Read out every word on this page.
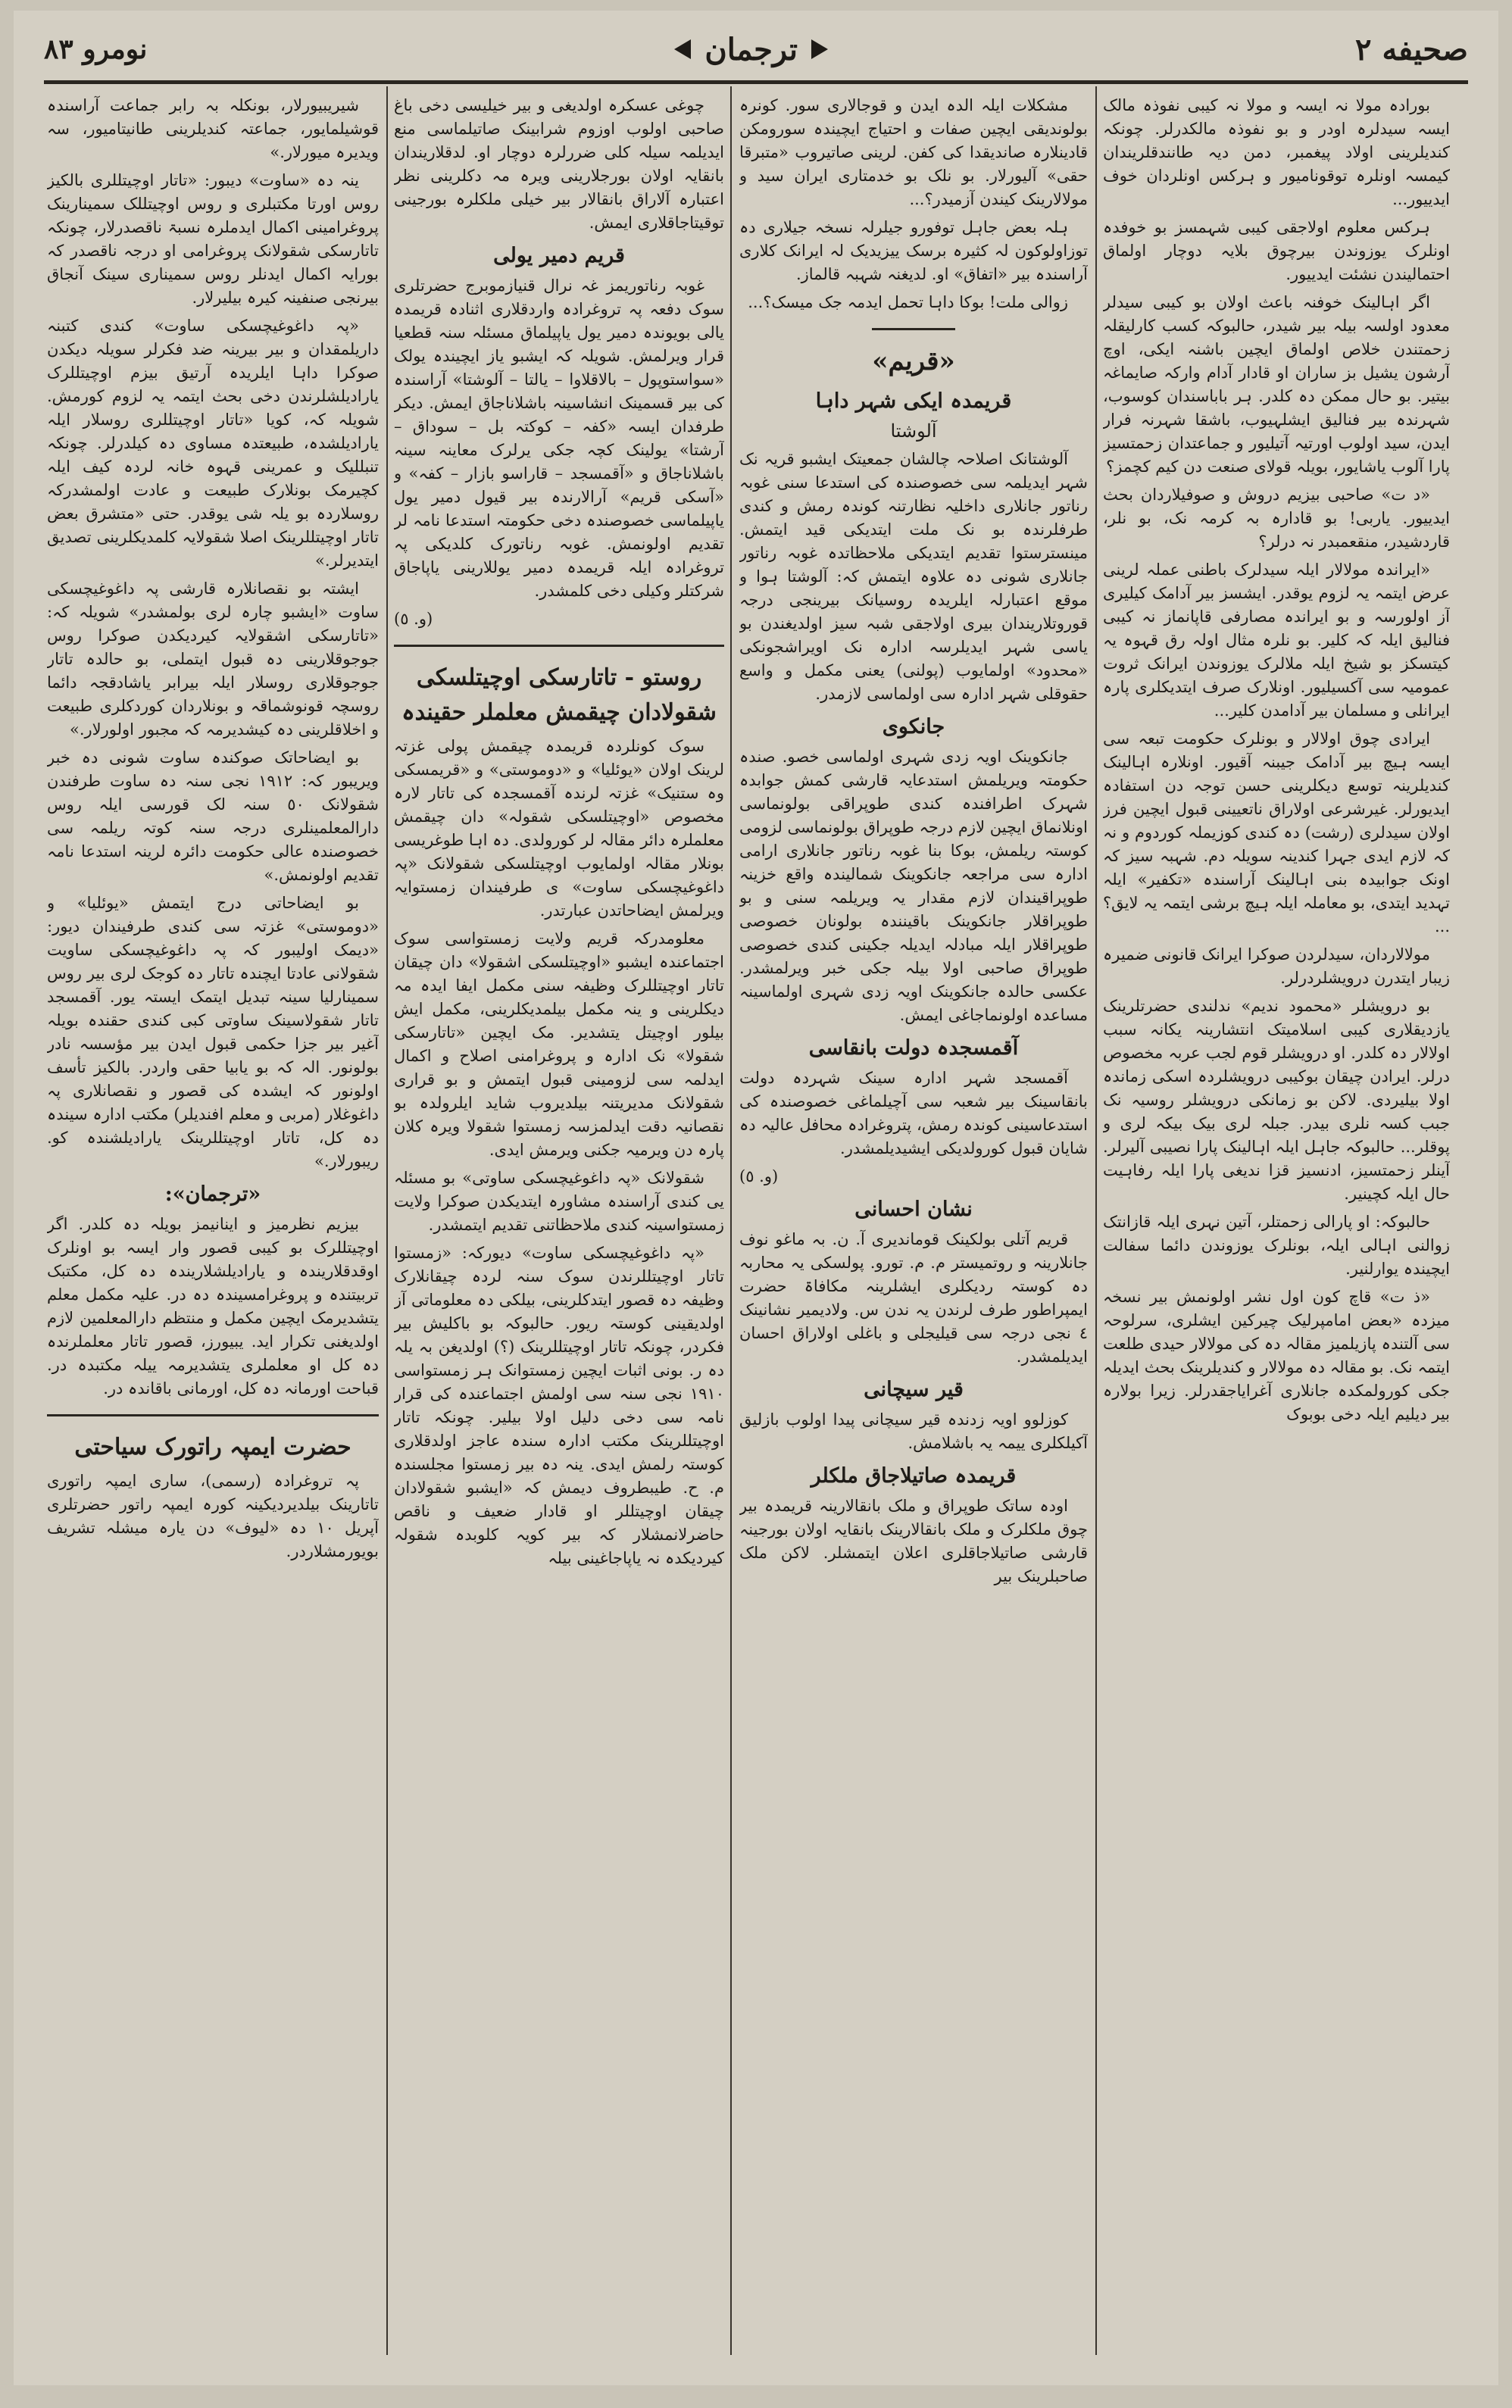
صحیفه ۲
ترجمان
نومرو ۸۳

بورادہ مولا نہ ایسہ و مولا نہ کیبی نفوذہ مالک ایسہ سیدلرہ اودر و بو نفوذہ مالکدرلر. چونکہ کندیلرینی اولاد پیغمبر، دمن دیہ طانندقلریندان کیمسہ اونلرہ توقونامیور و ہرکس اونلردان خوف ایدییور...

ہرکس معلوم اولاجقی کیبی شہمسز بو خوفدہ اونلرک یوزوندن بیرچوق بلایہ دوچار اولماق احتمالیندن نشئت ایدییور.

اگر اہالینک خوفنہ باعث اولان بو کیبی سیدلر معدود اولسہ بیلہ بیر شیدر، حالبوکہ کسب کارلیقلہ زحمتندن خلاص اولماق ایچین باشنہ ایکی، اوچ آرشون یشیل بز ساران او قادار آدام وارکہ صایماغہ بیتیر. بو حال ممکن دہ کلدر. ہر باباسندان کوسوب، شہرندہ بیر فنالیق ایشلہیوب، باشقا شہرنہ فرار ایدن، سید اولوب اورتیہ آتیلیور و جماعتدان زحمتسیز پارا آلوب یاشایور، بویلہ قولای صنعت دن کیم کچمز؟

«د ت» صاحبی بیزیم دروش و صوفیلاردان بحث ایدییور. یاربی! بو قادارہ بہ کرمہ نک، بو نلر، قاردشیدر، منقعمبدر نہ درلر؟

«ایراندہ مولالار ایلہ سیدلرک باطنی عملہ لرینی عرض ایتمہ یہ لزوم یوقدر. ایشسز بیر آدامک کیلیری آز اولورسہ و بو ایراندہ مصارفی قاپانماز نہ کیبی فنالیق ایلہ کہ کلیر. بو نلرہ مثال اولہ رق قہوہ یہ کیتسکز بو شیخ ایلہ ملالرک یوزوندن ایرانک ثروت عمومیہ سی آکسیلیور. اونلارک صرف ایتدیکلری پارہ ایرانلی و مسلمان بیر آدامدن کلیر...

ایرادی چوق اولالار و بونلرک حکومت تبعہ سی ایسہ ہیچ بیر آدامک جیبنہ آقیور. اونلارہ اہالینک کندیلرینہ توسع دیکلرینی حسن توجہ دن استفادہ ایدیورلر. غیرشرعی اولاراق ناتعیینی قبول ایچین فرز اولان سیدلری (رشت) دہ کندی کوزیملہ کوردوم و نہ کہ لازم ایدی جہرا کندینہ سویلہ دم. شہبہ سیز کہ اونک جوابیدہ بنی اہالینک آراسندہ «تکفیر» ایلہ تہدید ایتدی، بو معاملہ ایلہ ہیچ برشی ایتمہ یہ لایق؟ ...

مولالاردان، سیدلردن صوکرا ایرانک قانونی ضمیرہ زیبار ایتدرن درویشلردرلر.

بو درویشلر «محمود ندیم» ندلندی حضرتلرینک یازدیقلاری کیبی اسلامیتک انتشارینہ یکانہ سبب اولالار دہ کلدر. او درویشلر قوم لجب عربہ مخصوص درلر. ایرادن چیقان بوکیبی درویشلردہ اسکی زماندہ اولا بیلیردی. لاکن بو زمانکی درویشلر روسیہ نک جبب کسہ نلری بیدر. جبلہ لری بیک بیکہ لری و پوقلر... حالبوکہ جاہل ایلہ اہالینک پارا نصیبی آلیرلر. آینلر زحمتسیز، ادنسیز قزا ندیغی پارا ایلہ رفاہیت حال ایلہ کچینیر.

حالبوکہ: او پارالی زحمتلر، آتین نہری ایلہ قازانتک زوالنی اہالی ایلہ، بونلرک یوزوندن دائما سفالت ایچیندہ یوارلنیر.

«ذ ت» قاچ کون اول نشر اولونمش بیر نسخہ میزدہ «بعض امامپرلیک چیرکین ایشلری، سرلوحہ سی آلتندہ پازیلمیز مقالہ دہ کی مولالار حیدی طلعت ایتمہ نک. بو مقالہ دہ مولالار و کندیلرینک بحث ایدیلہ جکی کورولمکدہ جانلاری آغرایاجقدرلر. زیرا بولارہ بیر دیلیم ایلہ دخی بوبوک

مشکلات ایلہ الدہ ایدن و قوجالاری سور. کونرہ بولوندیقی ایچین صفات و احتیاج ایچیندہ سورومکن قادینلارہ صاندیقدا کی کفن. لرینی صاتیروب «متبرقا حقی» آلیورلار. بو نلک بو خدمتاری ایران سید و مولالارینک کیندن آزمیدر؟...

ہلہ بعض جاہل توفورو جیلرلہ نسخہ جیلاری دہ توزاولوکون لہ کثیرہ برسک ییزیدیک لہ ایرانک کلاری آراسندہ بیر «اتفاق» او. لدیغنہ شہبہ قالماز.

زوالی ملت! بوکا داہا تحمل ایدمہ جک میسک؟...

«قریم»
قریمدہ ایکی شہر داہا
آلوشتا

آلوشتانک اصلاحہ چالشان جمعیتک ایشبو قریہ نک شہر ایدیلمہ سی خصوصندہ کی استدعا سنی غوبہ رناتور جانلاری داخلیہ نظارتنہ کوندہ رمش و کندی طرفلرندہ بو نک ملت ایتدیکی قید ایتمش. مینسترستوا تقدیم ایتدیکی ملاحظاتدہ غوبہ رناتور جانلاری شونی دہ علاوہ ایتمش کہ: آلوشتا ہوا و موقع اعتبارلہ ایلریدہ روسیانک بیرینجی درجہ قوروتلاریندان بیری اولاجقی شبہ سیز اولدیغندن بو یاسی شہر ایدیلرسہ ادارہ نک اویراشجونکی «محدود» اولمایوب (پولنی) یعنی مکمل و واسع حقوقلی شہر ادارہ سی اولماسی لازمدر.

جانکوی

جانکوینک اویہ زدی شہری اولماسی خصو. صندہ حکومتہ ویریلمش استدعایہ قارشی کمش جوابدہ شہرک اطرافندہ کندی طوپراقی بولونماسی اونلانماق ایچین لازم درجہ طوپراق بولونماسی لزومی کوستہ ریلمش، بوکا بنا غوبہ رناتور جانلاری ارامی ادارہ سی مراجعہ جانکوینک شمالیندہ واقع خزینہ طوپراقیندان لازم مقدار یہ ویریلمہ سنی و بو طوپراقلار جانکوینک باقینندہ بولونان خصوصی طوپراقلار ایلہ مبادلہ ایدیلہ جکینی کندی خصوصی طوپراق صاحبی اولا بیلہ جکی خبر ویرلمشدر. عکسی حالدہ جانکوینک اویہ زدی شہری اولماسینہ مساعدہ اولونماجاغی ایمش.

آقمسجدہ دولت بانقاسی

آقمسجد شہر ادارہ سینک شہردہ دولت بانقاسینک بیر شعبہ سی آچیلماغی خصوصندہ کی استدعاسینی کوندہ رمش، پتروغرادہ محافل عالیہ دہ شایان قبول کورولدیکی ایشیدیلمشدر.

(و. ٥)

نشان احسانی

قریم آتلی بولکینک قوماندیری آ. ن. بہ ماغو نوف جانلارینہ و روتمیستر م. م. تورو. پولسکی یہ محاربہ دہ کوستہ ردیکلری ایشلرینہ مکافاۃ حضرت ایمپراطور طرف لرندن یہ ندن س. ولادیمیر نشانینک ٤ نجی درجہ سی قیلیجلی و باغلی اولاراق احسان ایدیلمشدر.

قیر سیچانی

کوزلوو اویہ زدندہ قیر سیچانی پیدا اولوب بازلیق آکیلکلری ییمہ یہ باشلامش.

قریمدہ صاتیلاجاق ملکلر

اودہ ساتک طوپراق و ملک بانقالارینہ قریمدہ بیر چوق ملکلرک و ملک بانقالارینک بانقایہ اولان بورجینہ قارشی صاتیلاجاقلری اعلان ایتمشلر. لاکن ملک صاحبلرینک بیر

چوغی عسکرہ اولدیغی و بیر خیلیسی دخی باغ صاحبی اولوب اوزوم شرابینک صاتیلماسی منع ایدیلمہ سیلہ کلی ضررلرہ دوچار او. لدقلاریندان بانقایہ اولان بورجلارینی ویرہ مہ دکلرینی نظر اعتبارہ آلاراق بانقالار بیر خیلی ملکلرہ بورجینی توقیتاجاقلاری ایمش.

قریم دمیر یولی

غوبہ رناتوریمز غہ نرال قنیازموبرج حضرتلری سوک دفعہ پہ تروغرادہ واردقلاری اثنادہ قریمدہ یالی بویوندہ دمیر یول یاپیلماق مسئلہ سنہ قطعیا قرار ویرلمش. شویلہ کہ ایشبو یاز ایچیندہ یولک «سواستوپول – بالاقلاوا – یالتا – آلوشتا» آراسندہ کی بیر قسمینک انشاسینہ باشلاناجاق ایمش. دیکر طرفدان ایسہ «کفہ – کوکتہ بل – سوداق – آرشتا» یولینک کچہ جکی یرلرک معاینہ سینہ باشلاناجاق و «آقمسجد – قاراسو بازار – کفہ» و «آسکی قریم» آرالارندہ بیر قیول دمیر یول یاپیلماسی خصوصندہ دخی حکومتہ استدعا نامہ لر تقدیم اولونمش. غوبہ رناتورک کلدیکی پہ تروغرادہ ایلہ قریمدہ دمیر یوللارینی یاپاجاق شرکتلر وکیلی دخی کلمشدر.

(و. ٥)

روستو - تاتارسکی اوچیتلسکی شقولادان چیقمش معلملر حقیندہ

سوک کونلردہ قریمدہ چیقمش پولی غزتہ لرینک اولان «یوئلیا» و «دوموستی» و «قریمسکی وہ ستنیک» غزتہ لرندہ آقمسجدہ کی تاتار لارہ مخصوص «اوچیتلسکی شقولہ» دان چیقمش معلملرہ دائر مقالہ لر کورولدی. دہ اہا طوغریسی بونلار مقالہ اولمایوب اوچیتلسکی شقولانک «پہ داغوغیچسکی ساوت» ی طرفیندان زمستوایہ ویرلمش ایضاحاتدن عبارتدر.

معلومدرکہ قریم ولایت زمستواسی سوک اجتماعندہ ایشبو «اوچیتلسکی اشقولا» دان چیقان تاتار اوچیتللرک وظیفہ سنی مکمل ایفا ایدہ مہ دیکلرینی و ینہ مکمل بیلمدیکلرینی، مکمل ایش بیلور اوچیتل یتشدیر. مک ایچین «تاتارسکی شقولا» نک ادارہ و پروغرامنی اصلاح و اکمال ایدلمہ سی لزومینی قبول ایتمش و بو قراری شقولانک مدیریتنہ بیلدیروب شاید ایلرولدہ بو نقصانیہ دقت ایدلمزسہ زمستوا شقولا ویرہ کلان پارہ دن ویرمیہ جکنی ویرمش ایدی.

شقولانک «پہ داغوغیچسکی ساوتی» بو مسئلہ یی کندی آراسندہ مشاورہ ایتدیکدن صوکرا ولایت زمستواسینہ کندی ملاحظاتنی تقدیم ایتمشدر.

«پہ داغوغیچسکی ساوت» دیورکہ: «زمستوا تاتار اوچیتللرندن سوک سنہ لردہ چیقانلارک وظیفہ دہ قصور ایتدکلرینی، بیلکی دہ معلوماتی آز اولدیقینی کوستہ ریور. حالبوکہ بو باکلیش بیر فکردر، چونکہ تاتار اوچیتللرینک (؟) اولدیغن بہ یلہ دہ ر. بونی اثبات ایچین زمستوانک ہر زمستواسی ۱۹۱۰ نجی سنہ سی اولمش اجتماعندہ کی قرار نامہ سی دخی دلیل اولا بیلیر. چونکہ تاتار اوچیتللرینک مکتب ادارہ سندہ عاجز اولدقلاری کوستہ رلمش ایدی. ینہ دہ بیر زمستوا مجلسندہ م. ح. طیبطروف دیمش کہ «ایشبو شقولادان چیقان اوچیتللر او قادار ضعیف و ناقص حاضرلانمشلار کہ بیر کویہ کلوبدہ شقولہ کیردیکدہ نہ یاپاجاغینی بیلہ

شیریبیورلار، بونکلہ بہ رابر جماعت آراسندہ قوشیلمایور، جماعتہ کندیلرینی طانیتامیور، سہ ویدیرہ میورلار.»

ینہ دہ «ساوت» دیبور: «تاتار اوچیتللری بالکیز روس اورتا مکتبلری و روس اوچیتللک سمینارینک پروغرامینی اکمال ایدملرہ نسبۃ ناقصدرلار، چونکہ تاتارسکی شقولانک پروغرامی او درجہ ناقصدر کہ بورایہ اکمال ایدنلر روس سمیناری سینک آنجاق بیرنجی صنفینہ کیرہ بیلیرلار.

«پہ داغوغیچسکی ساوت» کندی کتبنہ داریلمقدان و بیر بیرینہ ضد فکرلر سویلہ دیکدن صوکرا داہا ایلریدہ آرتیق بیزم اوچیتللرک یارادیلشلرندن دخی بحث ایتمہ یہ لزوم کورمش. شویلہ کہ، کویا «تاتار اوچیتللری روسلار ایلہ یارادیلشدہ، طبیعتدہ مساوی دہ کیلدرلر. چونکہ تنبللیک و عمرینی قہوہ خانہ لردہ کیف ایلہ کچیرمک بونلارک طبیعت و عادت اولمشدرکہ روسلاردہ بو یلہ شی یوقدر. حتی «متشرق بعض تاتار اوچیتللرینک اصلا شقولایہ کلمدیکلرینی تصدیق ایتدیرلر.»

ایشتہ بو نقصانلارہ قارشی پہ داغوغیچسکی ساوت «ایشبو چارہ لری بولمشدر» شویلہ کہ: «تاتارسکی اشقولایہ کیردیکدن صوکرا روس جوجوقلارینی دہ قبول ایتملی، بو حالدہ تاتار جوجوقلاری روسلار ایلہ بیرابر یاشادقجہ دائما روسچہ قونوشماقہ و بونلاردان کوردکلری طبیعت و اخلاقلرینی دہ کیشدیرمہ کہ مجبور اولورلار.»

بو ایضاحاتک صوکندہ ساوت شونی دہ خبر ویریبور کہ: ۱۹۱۲ نجی سنہ دہ ساوت طرفندن شقولانک ٥٠ سنہ لک قورسی ایلہ روس دارالمعلمینلری درجہ سنہ کوتہ ریلمہ سی خصوصندہ عالی حکومت دائرہ لرینہ استدعا نامہ تقدیم اولونمش.»

بو ایضاحاتی درج ایتمش «یوئلیا» و «دوموستی» غزتہ سی کندی طرفیندان دیور: «دیمک اولیبور کہ پہ داغوغیچسکی ساویت شقولانی عادتا ایچندہ تاتار دہ کوجک لری بیر روس سمینارلیا سینہ تبدیل ایتمک ایستہ یور. آقمسجد تاتار شقولاسینک ساوتی کبی کندی حقندہ بویلہ آغیر بیر جزا حکمی قبول ایدن بیر مؤسسہ نادر بولونور. الہ کہ بو یابیا حقی واردر. بالکیز تأسف اولونور کہ ایشدہ کی قصور و نقصانلاری پہ داغوغلار (مربی و معلم افندیلر) مکتب ادارہ سیندہ دہ کل، تاتار اوچیتللرینک یارادیلشندہ کو. ریبورلار.»

«ترجمان»:

بیزیم نظرمیز و اینانیمز بویلہ دہ کلدر. اگر اوچیتللرک بو کیبی قصور وار ایسہ بو اونلرک اوقدقلاریندہ و یارادیلشلاریندہ دہ کل، مکتبک تربیتندہ و پروغرامسیندہ دہ در. علیہ مکمل معلم یتشدیرمک ایچین مکمل و منتظم دارالمعلمین لازم اولدیغنی تکرار اید. یبیورز، قصور تاتار معلملرندہ دہ کل او معلملری یتشدیرمہ ییلہ مکتبدہ در. قباحت اورمانہ دہ کل، اورمانی باقاندہ در.

حضرت ایمپہ راتورک سیاحتی

پہ تروغرادہ (رسمی)، ساری ایمپہ راتوری تاتارینک بیلدیردیکینہ کورہ ایمپہ راتور حضرتلری آپریل ١٠ دہ «لیوف» دن یارہ میشلہ تشریف بویورمشلاردر.
